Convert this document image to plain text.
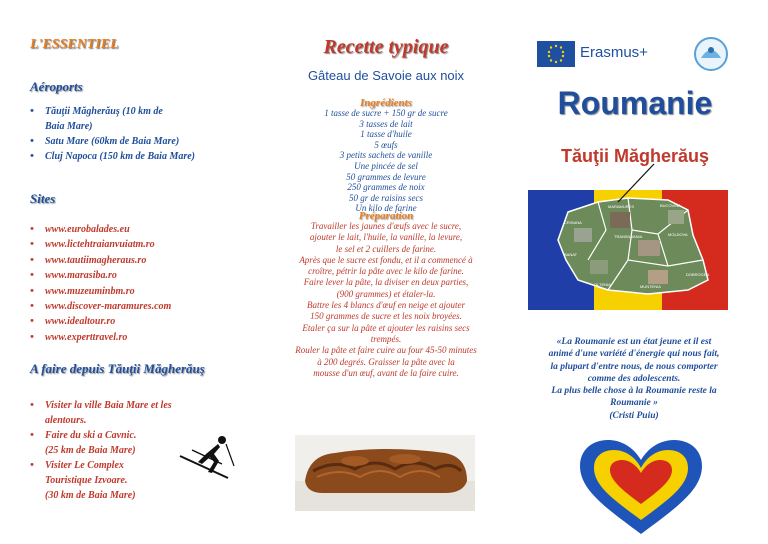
L'ESSENTIEL
Aéroports
• Tăuţii Măgherăuş (10 km de
Baia Mare)
• Satu Mare (60km de Baia Mare)
• Cluj Napoca (150 km de Baia Mare)
Sites
• www.eurobalades.eu
• www.lictehtraianvuiatm.ro
• www.tautiimagheraus.ro
• www.marasiba.ro
• www.muzeuminbm.ro
• www.discover-maramures.com
• www.idealtour.ro
• www.experttravel.ro
A faire depuis Tăuţii Măgherăuş
• Visiter la ville Baia Mare et les
alentours.
• Faire du ski a Cavnic.
(25 km de Baia Mare)
• Visiter Le Complex
Touristique Izvoare.
(30 km de Baia Mare)
Recette typique
Gâteau de Savoie aux noix
Ingrédients
1 tasse de sucre + 150 gr de sucre
3 tasses de lait
1 tasse d'huile
5 œufs
3 petits sachets de vanille
Une pincée de sel
50 grammes de levure
250 grammes de noix
50 gr de raisins secs
Un kilo de farine
Préparation
Travailler les jaunes d'œufs avec le sucre,
ajouter le lait, l'huile, la vanille, la levure,
le sel et 2 cuillers de farine.
Après que le sucre est fondu, et il a commencé à
croître, pétrir la pâte avec le kilo de farine.
Faire lever la pâte, la diviser en deux parties,
(900 grammes) et étaler-la.
Battre les 4 blancs d'œuf en neige et ajouter
150 grammes de sucre et les noix broyées.
Etaler ça sur la pâte et ajouter les raisins secs
trempés.
Rouler la pâte et faire cuire au four 45-50 minutes
à 200 degrés. Graisser la pâte avec la
mousse d'un œuf, avant de la faire cuire.
Erasmus+
Roumanie
Tăuţii Măgherăuş
MARAMURES	BUCOVINA
CRISANA
TRANSILVANIA	MOLDOVA
BANAT
OLTENIA	MUNTENIA
DOBROGEA
«La Roumanie est un état jeune et il est
animé d'une variété d'énergie qui nous fait,
la plupart d'entre nous, de nous comporter
comme des adolescents.
La plus belle chose à la Roumanie reste la
Roumanie »
(Cristi Puiu)
